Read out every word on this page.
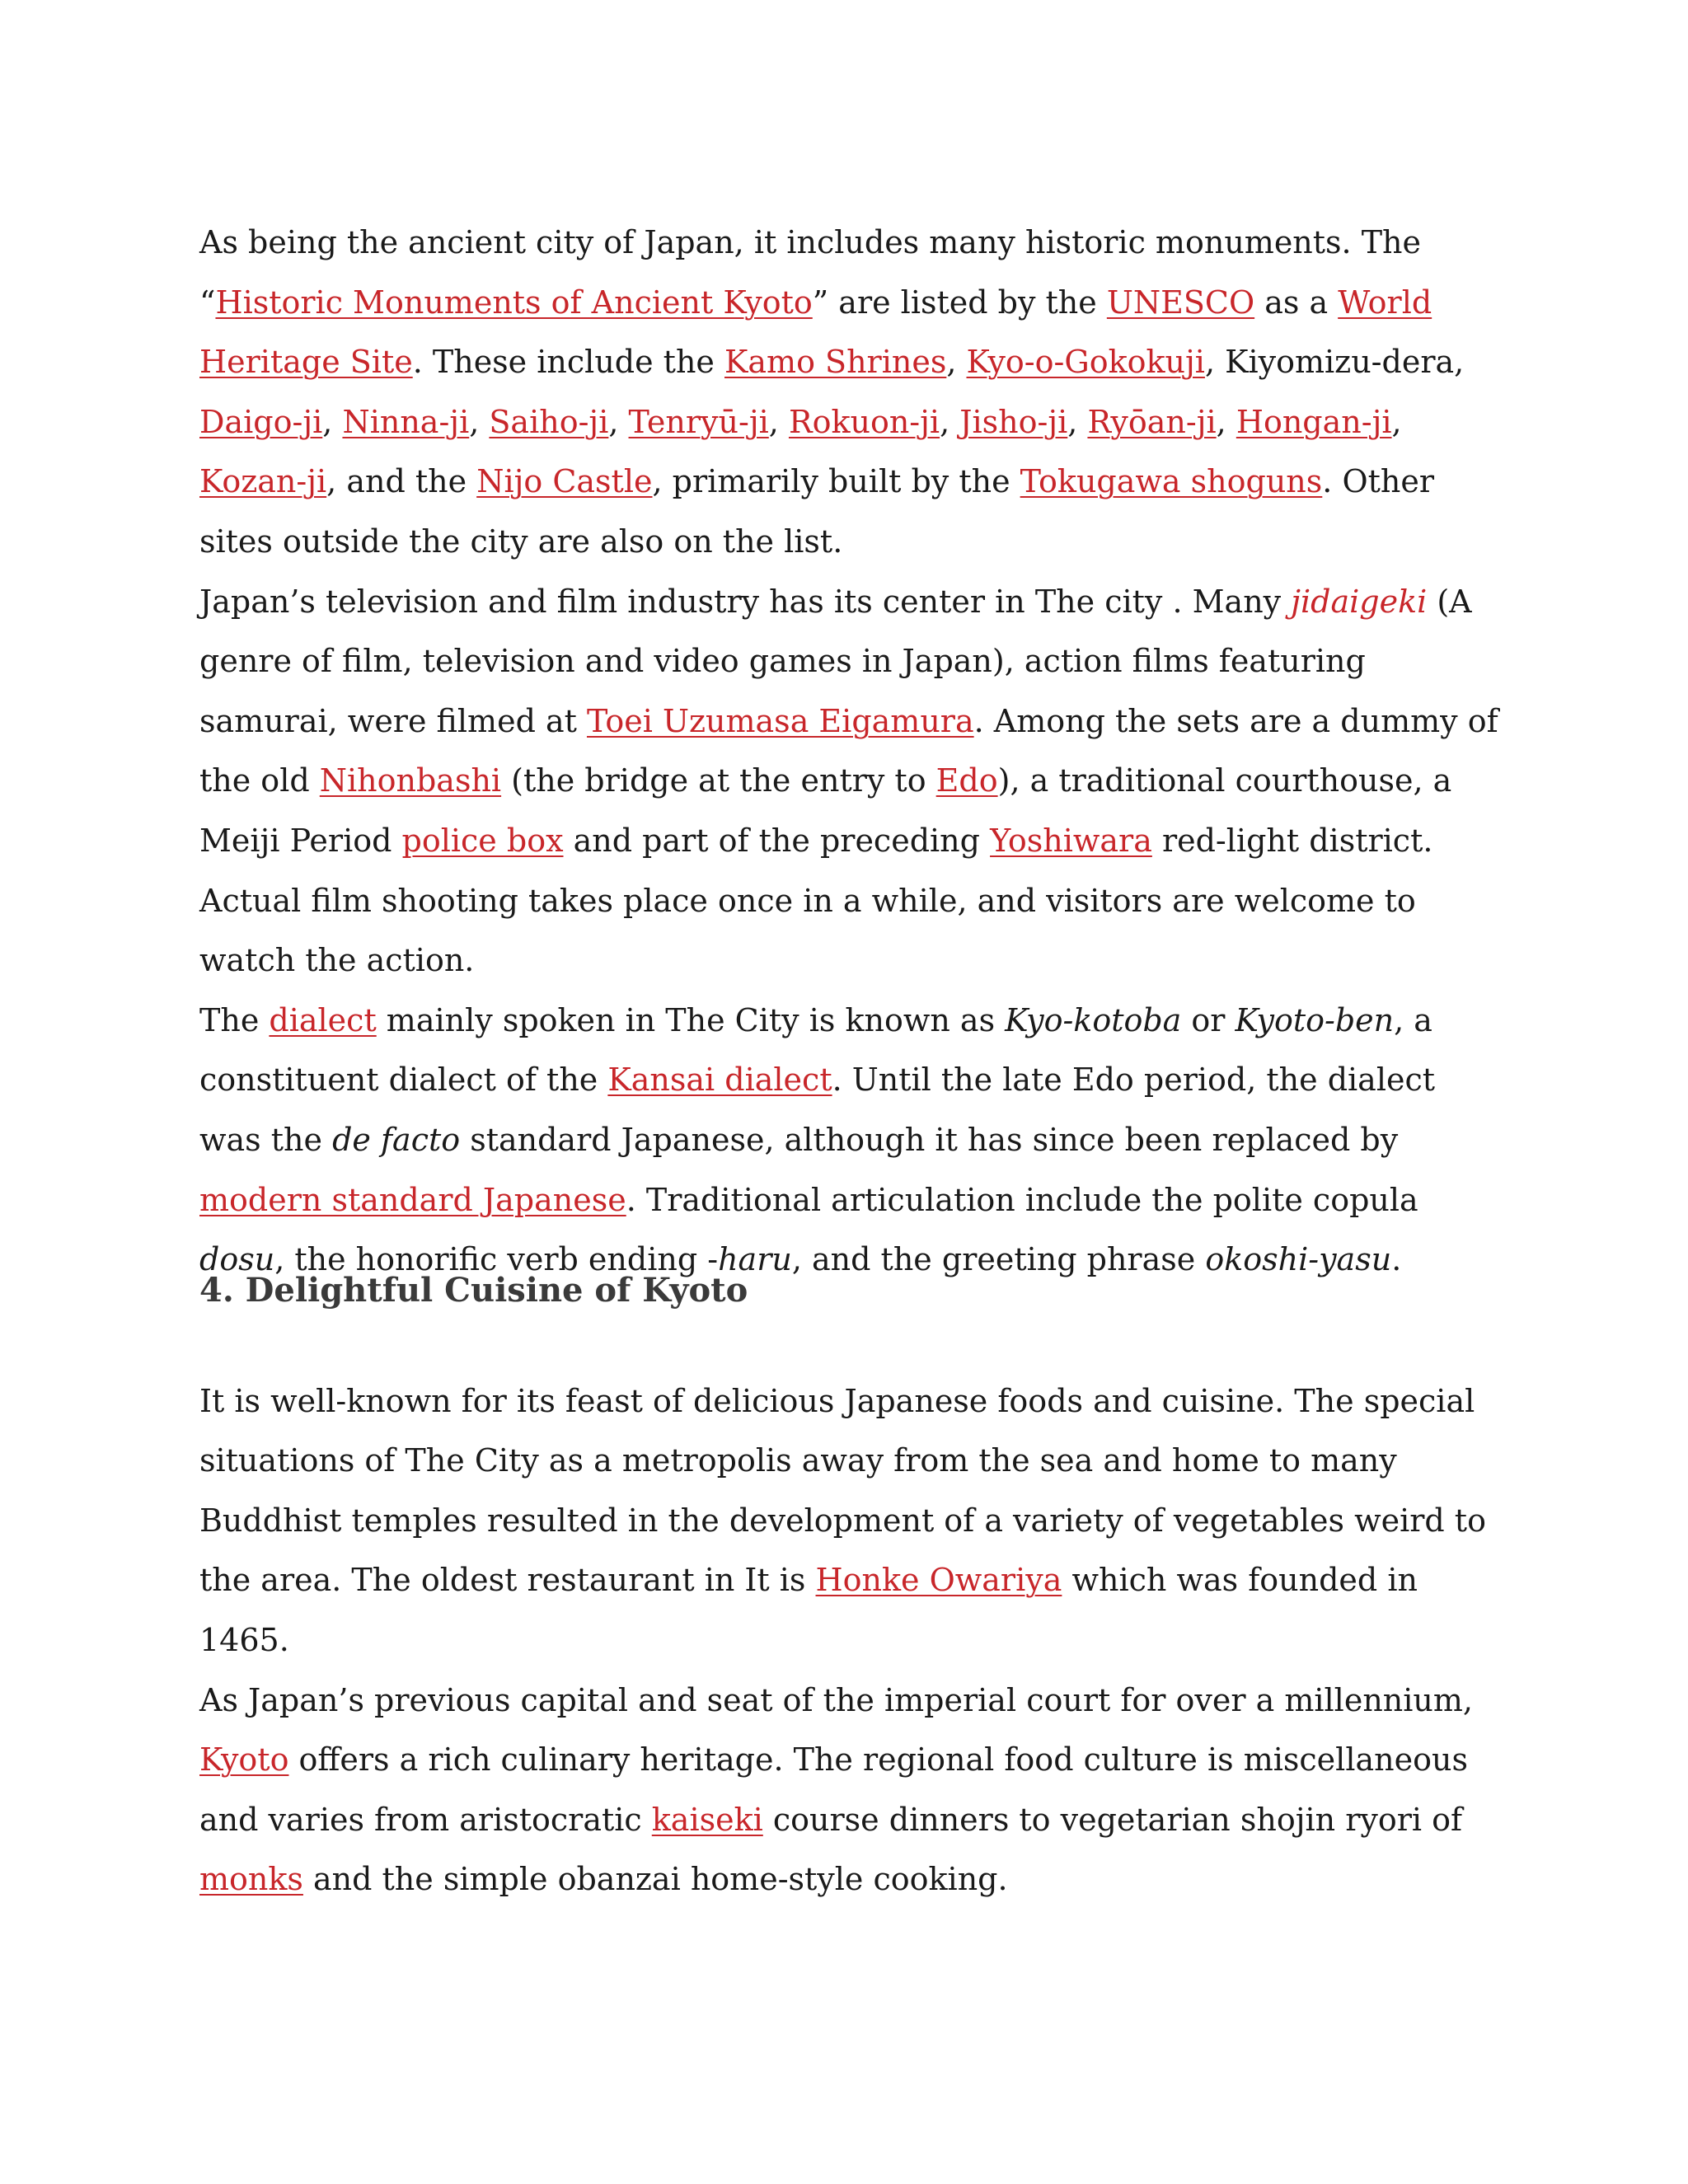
As being the ancient city of Japan, it includes many historic monuments. The “Historic Monuments of Ancient Kyoto” are listed by the UNESCO as a World Heritage Site. These include the Kamo Shrines, Kyo-o-Gokokuji, Kiyomizu-dera, Daigo-ji, Ninna-ji, Saiho-ji, Tenryū-ji, Rokuon-ji, Jisho-ji, Ryōan-ji, Hongan-ji, Kozan-ji, and the Nijo Castle, primarily built by the Tokugawa shoguns. Other sites outside the city are also on the list.

Japan’s television and film industry has its center in The city . Many jidaigeki (A genre of film, television and video games in Japan), action films featuring samurai, were filmed at Toei Uzumasa Eigamura. Among the sets are a dummy of the old Nihonbashi (the bridge at the entry to Edo), a traditional courthouse, a Meiji Period police box and part of the preceding Yoshiwara red-light district. Actual film shooting takes place once in a while, and visitors are welcome to watch the action.

The dialect mainly spoken in The City is known as Kyo-kotoba or Kyoto-ben, a constituent dialect of the Kansai dialect. Until the late Edo period, the dialect was the de facto standard Japanese, although it has since been replaced by modern standard Japanese. Traditional articulation include the polite copula dosu, the honorific verb ending -haru, and the greeting phrase okoshi-yasu.

4. Delightful Cuisine of Kyoto

It is well-known for its feast of delicious Japanese foods and cuisine. The special situations of The City as a metropolis away from the sea and home to many Buddhist temples resulted in the development of a variety of vegetables weird to the area. The oldest restaurant in It is Honke Owariya which was founded in 1465.

As Japan’s previous capital and seat of the imperial court for over a millennium, Kyoto offers a rich culinary heritage. The regional food culture is miscellaneous and varies from aristocratic kaiseki course dinners to vegetarian shojin ryori of monks and the simple obanzai home-style cooking.
